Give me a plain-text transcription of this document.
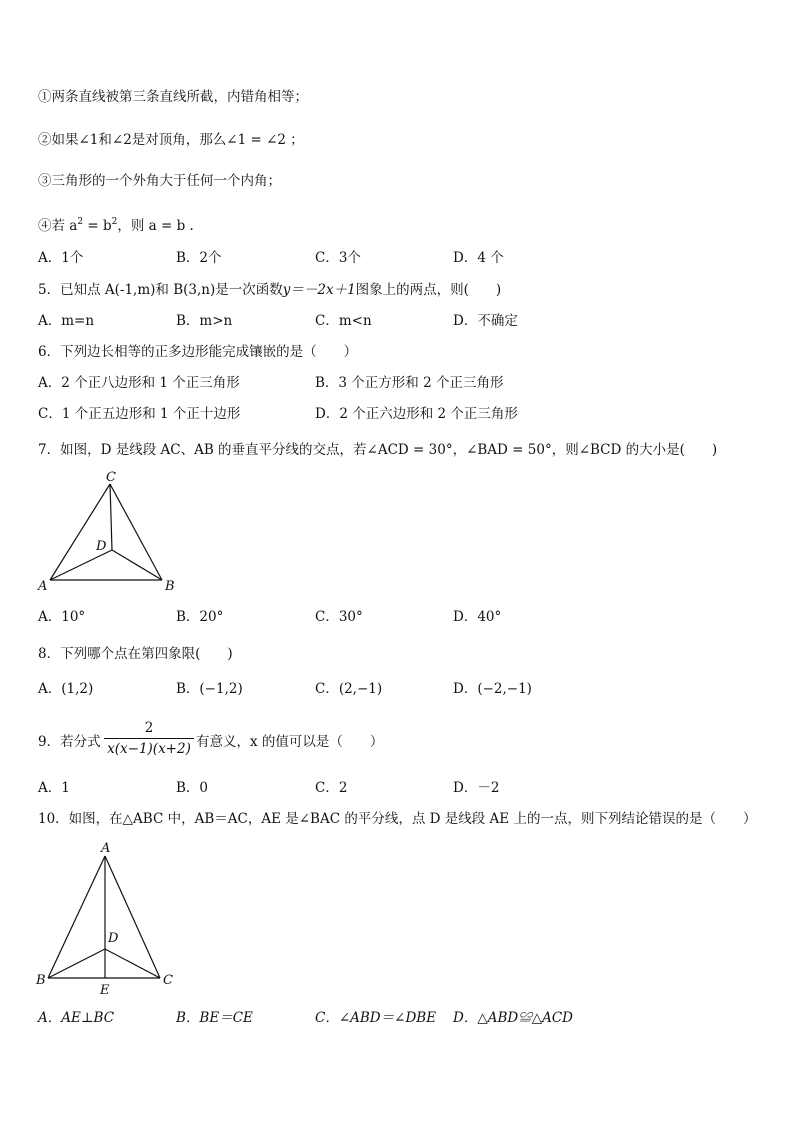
①两条直线被第三条直线所截，内错角相等；
②如果∠1和∠2是对顶角，那么∠1 = ∠2 ；
③三角形的一个外角大于任何一个内角；
④若 $a^2 = b^2$，则 a = b .
A．1个	B．2个	C．3个	D．4 个
5．已知点 A(-1,m)和 B(3,n)是一次函数y＝－2x＋1图象上的两点，则(　　)
A．m=n	B．m>n	C．m<n	D．不确定
6．下列边长相等的正多边形能完成镶嵌的是（　　）
A．2 个正八边形和 1 个正三角形	B．3 个正方形和 2 个正三角形
C．1 个正五边形和 1 个正十边形	D．2 个正六边形和 2 个正三角形
7．如图，D 是线段 AC、AB 的垂直平分线的交点，若∠ACD = 30°，∠BAD = 50°，则∠BCD 的大小是(　　)
C
D
A	B
A．10°	B．20°	C．30°	D．40°
8．下列哪个点在第四象限(　　)
A．(1,2)	B．(−1,2)	C．(2,−1)	D．(−2,−1)
9．若分式
2
x(x−1)(x+2) 有意义，x 的值可以是（　　）
A．1	B．0	C．2	D．－2
10．如图，在△ABC 中，AB＝AC，AE 是∠BAC 的平分线，点 D 是线段 AE 上的一点，则下列结论错误的是（　　）
A
D
B	C
E
A．AE⊥BC	B．BE＝CE	C．∠ABD＝∠DBE D．△ABD≌△ACD
